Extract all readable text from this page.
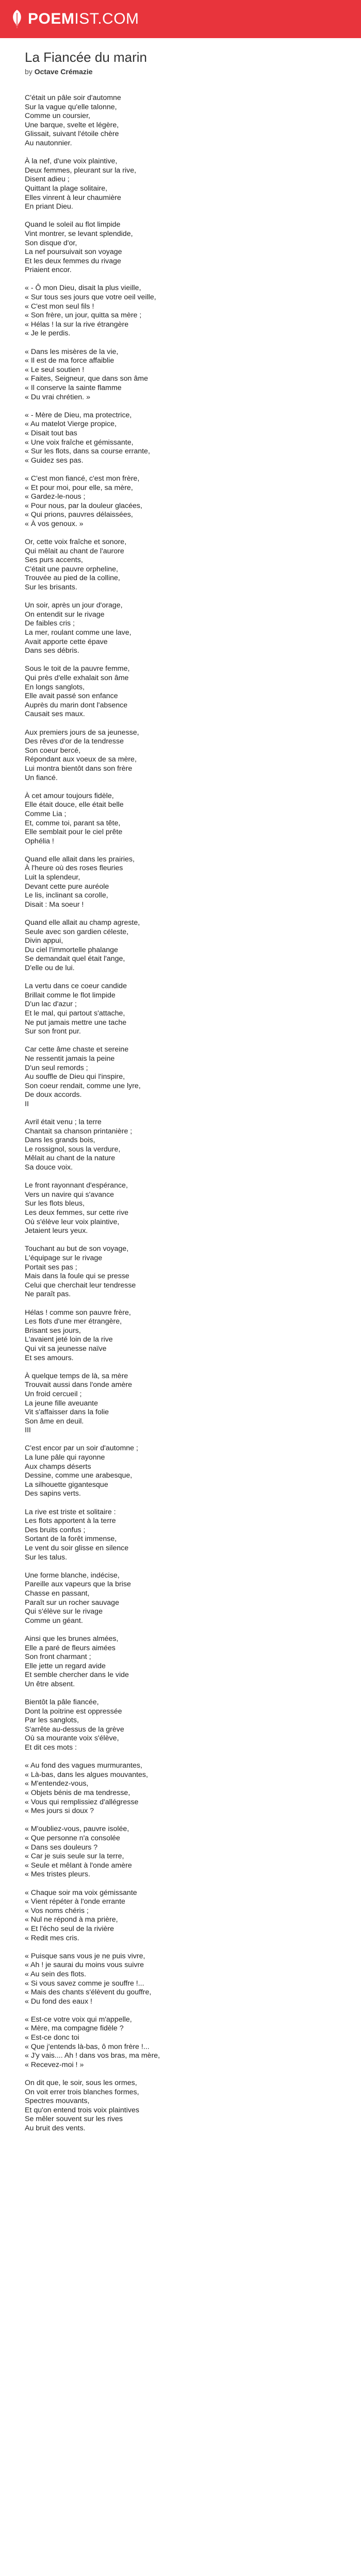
POEMIST.COM
La Fiancée du marin
by Octave Crémazie

C'était un pâle soir d'automne
Sur la vague qu'elle talonne,
Comme un coursier,
Une barque, svelte et légère,
Glissait, suivant l'étoile chère
Au nautonnier.

À la nef, d'une voix plaintive,
Deux femmes, pleurant sur la rive,
Disent adieu ;
Quittant la plage solitaire,
Elles vinrent à leur chaumière
En priant Dieu.

Quand le soleil au flot limpide
Vint montrer, se levant splendide,
Son disque d'or,
La nef poursuivait son voyage
Et les deux femmes du rivage
Priaient encor.

« - Ô mon Dieu, disait la plus vieille,
« Sur tous ses jours que votre oeil veille,
« C'est mon seul fils !
« Son frère, un jour, quitta sa mère ;
« Hélas ! la sur la rive étrangère
« Je le perdis.

« Dans les misères de la vie,
« Il est de ma force affaiblie
« Le seul soutien !
« Faites, Seigneur, que dans son âme
« Il conserve la sainte flamme
« Du vrai chrétien. »

« - Mère de Dieu, ma protectrice,
« Au matelot Vierge propice,
« Disait tout bas
« Une voix fraîche et gémissante,
« Sur les flots, dans sa course errante,
« Guidez ses pas.

« C'est mon fiancé, c'est mon frère,
« Et pour moi, pour elle, sa mère,
« Gardez-le-nous ;
« Pour nous, par la douleur glacées,
« Qui prions, pauvres délaissées,
« À vos genoux. »

Or, cette voix fraîche et sonore,
Qui mêlait au chant de l'aurore
Ses purs accents,
C'était une pauvre orpheline,
Trouvée au pied de la colline,
Sur les brisants.

Un soir, après un jour d'orage,
On entendit sur le rivage
De faibles cris ;
La mer, roulant comme une lave,
Avait apporte cette épave
Dans ses débris.

Sous le toit de la pauvre femme,
Qui près d'elle exhalait son âme
En longs sanglots,
Elle avait passé son enfance
Auprès du marin dont l'absence
Causait ses maux.

Aux premiers jours de sa jeunesse,
Des rêves d'or de la tendresse
Son coeur bercé,
Répondant aux voeux de sa mère,
Lui montra bientôt dans son frère
Un fiancé.

À cet amour toujours fidèle,
Elle était douce, elle était belle
Comme Lia ;
Et, comme toi, parant sa tête,
Elle semblait pour le ciel prête
Ophélia !

Quand elle allait dans les prairies,
À l'heure où des roses fleuries
Luit la splendeur,
Devant cette pure auréole
Le lis, inclinant sa corolle,
Disait : Ma soeur !

Quand elle allait au champ agreste,
Seule avec son gardien céleste,
Divin appui,
Du ciel l'immortelle phalange
Se demandait quel était l'ange,
D'elle ou de lui.

La vertu dans ce coeur candide
Brillait comme le flot limpide
D'un lac d'azur ;
Et le mal, qui partout s'attache,
Ne put jamais mettre une tache
Sur son front pur.

Car cette âme chaste et sereine
Ne ressentit jamais la peine
D'un seul remords ;
Au souffle de Dieu qui l'inspire,
Son coeur rendait, comme une lyre,
De doux accords.
II

Avril était venu ; la terre
Chantait sa chanson printanière ;
Dans les grands bois,
Le rossignol, sous la verdure,
Mêlait au chant de la nature
Sa douce voix.

Le front rayonnant d'espérance,
Vers un navire qui s'avance
Sur les flots bleus,
Les deux femmes, sur cette rive
Où s'élève leur voix plaintive,
Jetaient leurs yeux.

Touchant au but de son voyage,
L'équipage sur le rivage
Portait ses pas ;
Mais dans la foule qui se presse
Celui que cherchait leur tendresse
Ne paraît pas.

Hélas ! comme son pauvre frère,
Les flots d'une mer étrangère,
Brisant ses jours,
L'avaient jeté loin de la rive
Qui vit sa jeunesse naïve
Et ses amours.

À quelque temps de là, sa mère
Trouvait aussi dans l'onde amère
Un froid cercueil ;
La jeune fille aveuante
Vit s'affaisser dans la folie
Son âme en deuil.
III

C'est encor par un soir d'automne ;
La lune pâle qui rayonne
Aux champs déserts
Dessine, comme une arabesque,
La silhouette gigantesque
Des sapins verts.

La rive est triste et solitaire :
Les flots apportent à la terre
Des bruits confus ;
Sortant de la forêt immense,
Le vent du soir glisse en silence
Sur les talus.

Une forme blanche, indécise,
Pareille aux vapeurs que la brise
Chasse en passant,
Paraît sur un rocher sauvage
Qui s'élève sur le rivage
Comme un géant.

Ainsi que les brunes almées,
Elle a paré de fleurs aimées
Son front charmant ;
Elle jette un regard avide
Et semble chercher dans le vide
Un être absent.

Bientôt la pâle fiancée,
Dont la poitrine est oppressée
Par les sanglots,
S'arrête au-dessus de la grève
Où sa mourante voix s'élève,
Et dit ces mots :

« Au fond des vagues murmurantes,
« Là-bas, dans les algues mouvantes,
« M'entendez-vous,
« Objets bénis de ma tendresse,
« Vous qui remplissiez d'allégresse
« Mes jours si doux ?

« M'oubliez-vous, pauvre isolée,
« Que personne n'a consolée
« Dans ses douleurs ?
« Car je suis seule sur la terre,
« Seule et mêlant à l'onde amère
« Mes tristes pleurs.

« Chaque soir ma voix gémissante
« Vient répéter à l'onde errante
« Vos noms chéris ;
« Nul ne répond à ma prière,
« Et l'écho seul de la rivière
« Redit mes cris.

« Puisque sans vous je ne puis vivre,
« Ah ! je saurai du moins vous suivre
« Au sein des flots.
« Si vous savez comme je souffre !...
« Mais des chants s'élèvent du gouffre,
« Du fond des eaux !

« Est-ce votre voix qui m'appelle,
« Mère, ma compagne fidèle ?
« Est-ce donc toi
« Que j'entends là-bas, ô mon frère !...
« J'y vais.... Ah ! dans vos bras, ma mère,
« Recevez-moi ! »

On dit que, le soir, sous les ormes,
On voit errer trois blanches formes,
Spectres mouvants,
Et qu'on entend trois voix plaintives
Se mêler souvent sur les rives
Au bruit des vents.
